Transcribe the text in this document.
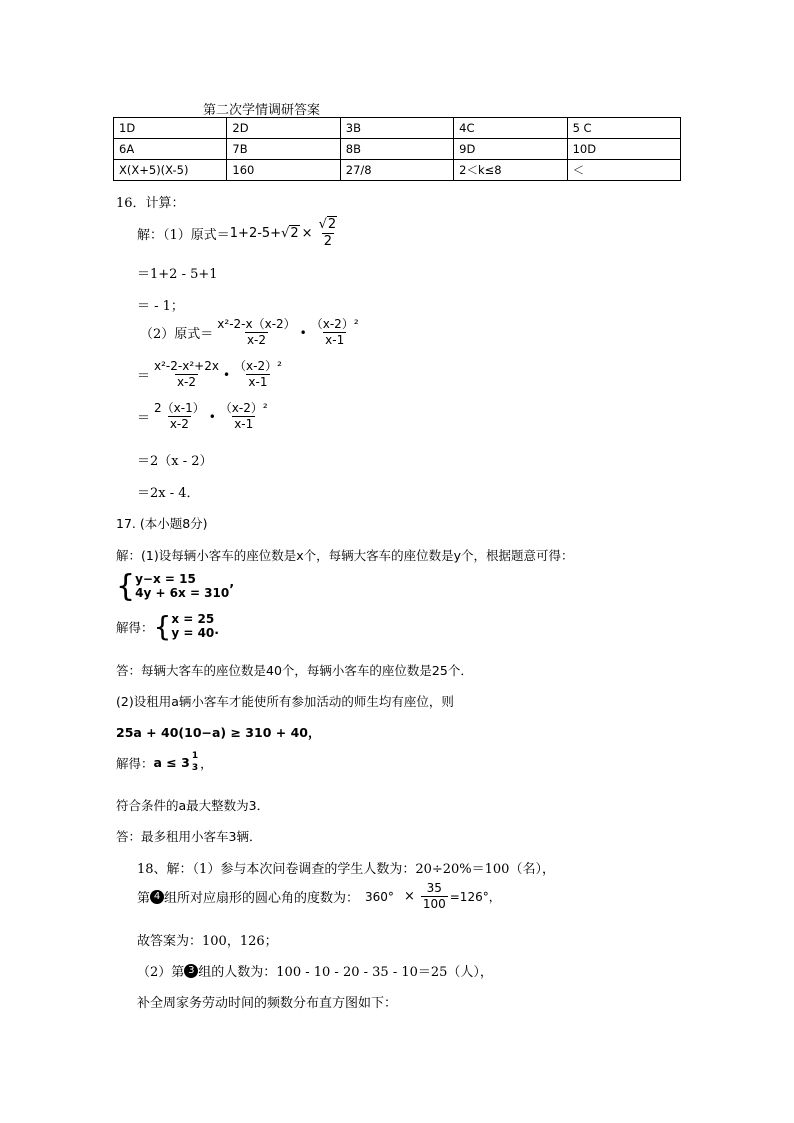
第二次学情调研答案
1D	2D	3B	4C	5 C
6A	7B	8B	9D	10D
X(X+5)(X-5)	160	27/8	2＜k≤8	＜
16．计算：
解：（1）原式＝ $1+2-5+ √2 \times \frac{√2}{2}$
＝1+2 - 5+1
＝ - 1；
（2）原式＝ $\frac{\text{x²-2-x（x-2）}}{x-2}$ • $\frac{\text{（x-2）²}}{x-1}$
＝ $\frac{\text{x²-2-x²+2x}}{x-2}$ • $\frac{\text{（x-2）²}}{x-1}$
＝ $\frac{2(x-1)}{x-2}$ • $\frac{\text{（x-2）²}}{x-1}$
＝2（x - 2）
＝2x - 4．
17. (本小题8分)
解：(1)设每辆小客车的座位数是x个，每辆大客车的座位数是y个，根据题意可得：
{ y−x = 15
4y + 6x = 310 ’
解得： { x = 25
y = 40 .
答：每辆大客车的座位数是40个，每辆小客车的座位数是25个．
(2)设租用a辆小客车才能使所有参加活动的师生均有座位，则
25a + 40(10−a) ≥ 310 + 40，
解得： a ≤ 3 1
3 ，
符合条件的a最大整数为3．
答：最多租用小客车3辆．
18、解：（1）参与本次问卷调查的学生人数为：20÷20%＝100（名），
第 4 组所对应扇形的圆心角的度数为： $360^\circ \times \frac{35}{100} =126^\circ$，
故答案为：100，126；
（2）第 3 组的人数为：100 - 10 - 20 - 35 - 10＝25（人），
补全周家务劳动时间的频数分布直方图如下：
